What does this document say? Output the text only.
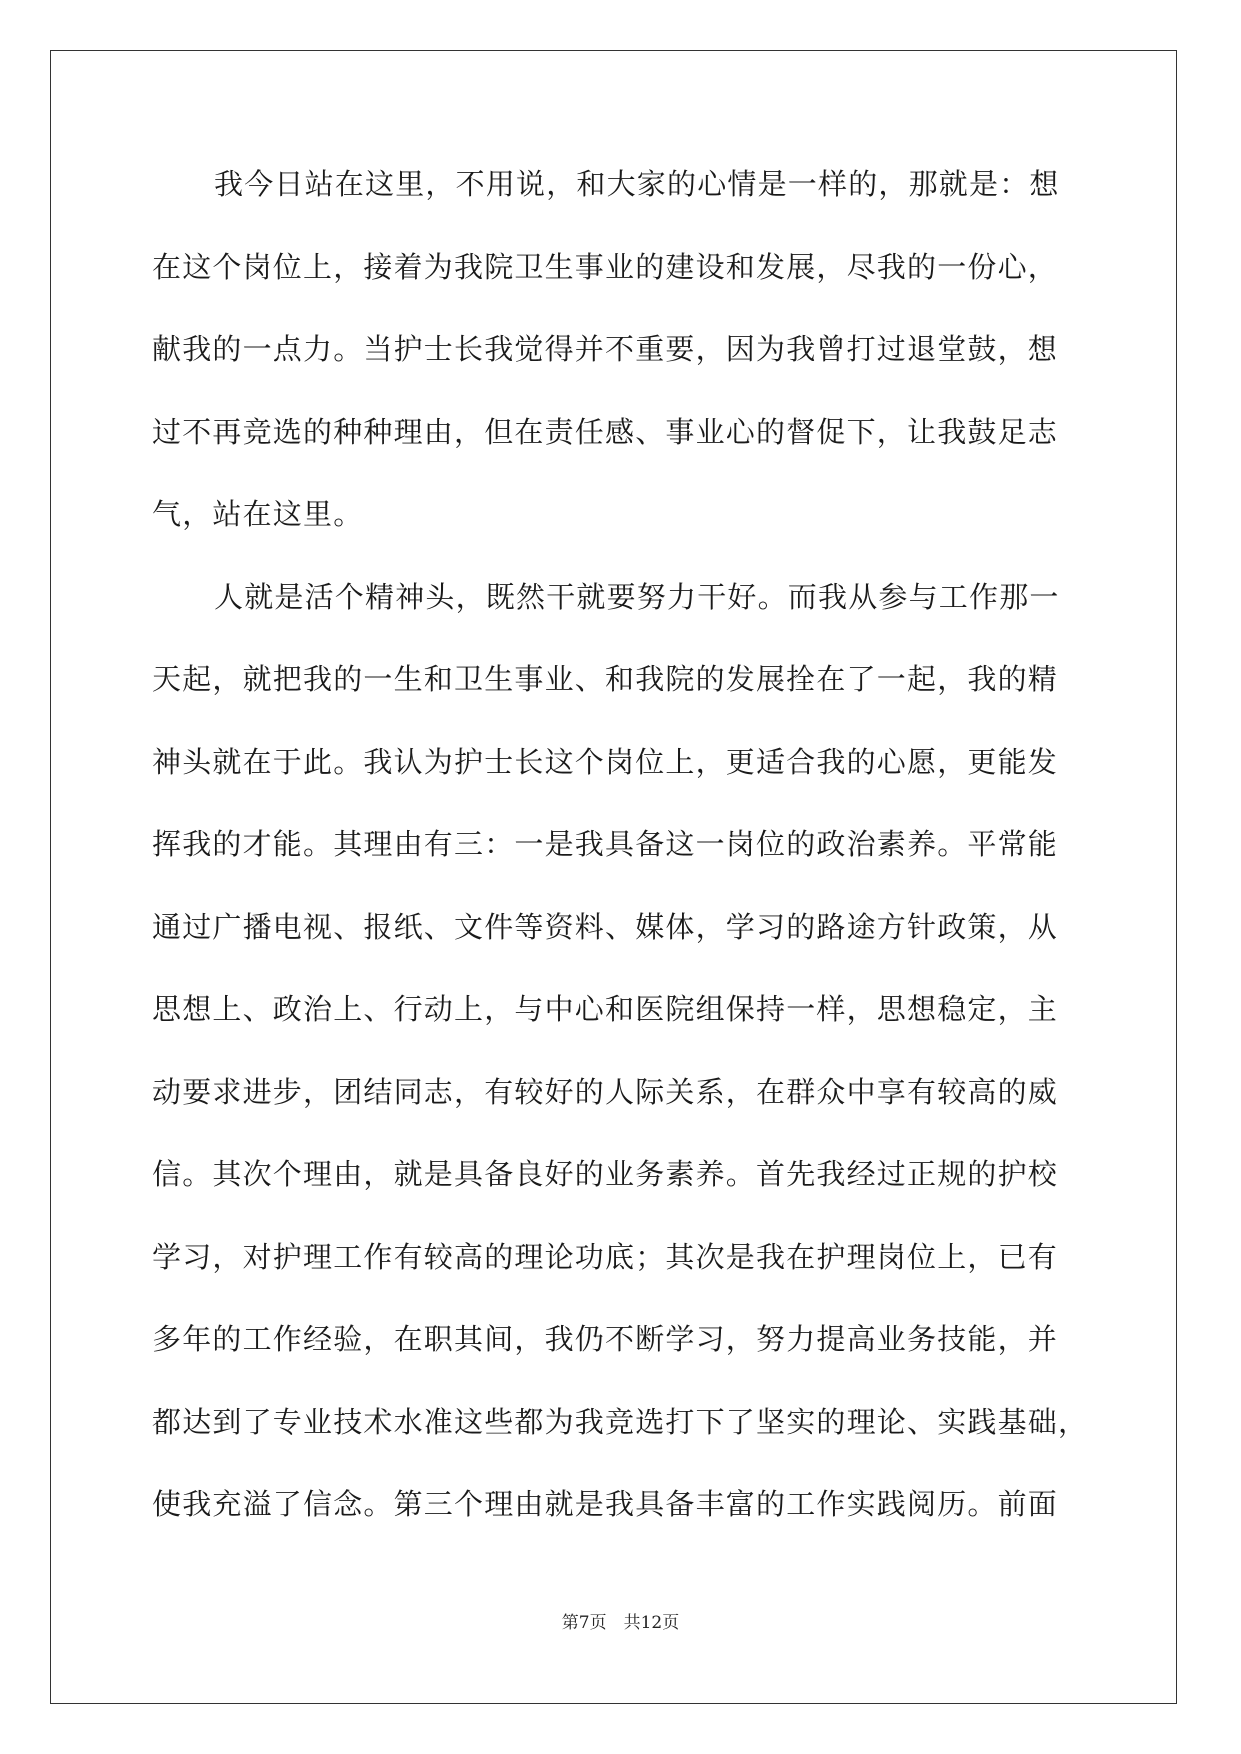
我今日站在这里，不用说，和大家的心情是一样的，那就是：想
在这个岗位上，接着为我院卫生事业的建设和发展，尽我的一份心，
献我的一点力。当护士长我觉得并不重要，因为我曾打过退堂鼓，想
过不再竞选的种种理由，但在责任感、事业心的督促下，让我鼓足志
气，站在这里。
人就是活个精神头，既然干就要努力干好。而我从参与工作那一
天起，就把我的一生和卫生事业、和我院的发展拴在了一起，我的精
神头就在于此。我认为护士长这个岗位上，更适合我的心愿，更能发
挥我的才能。其理由有三：一是我具备这一岗位的政治素养。平常能
通过广播电视、报纸、文件等资料、媒体，学习的路途方针政策，从
思想上、政治上、行动上，与中心和医院组保持一样，思想稳定，主
动要求进步，团结同志，有较好的人际关系，在群众中享有较高的威
信。其次个理由，就是具备良好的业务素养。首先我经过正规的护校
学习，对护理工作有较高的理论功底；其次是我在护理岗位上，已有
多年的工作经验，在职其间，我仍不断学习，努力提高业务技能，并
都达到了专业技术水准这些都为我竞选打下了坚实的理论、实践基础，
使我充溢了信念。第三个理由就是我具备丰富的工作实践阅历。前面
第7页　共12页
